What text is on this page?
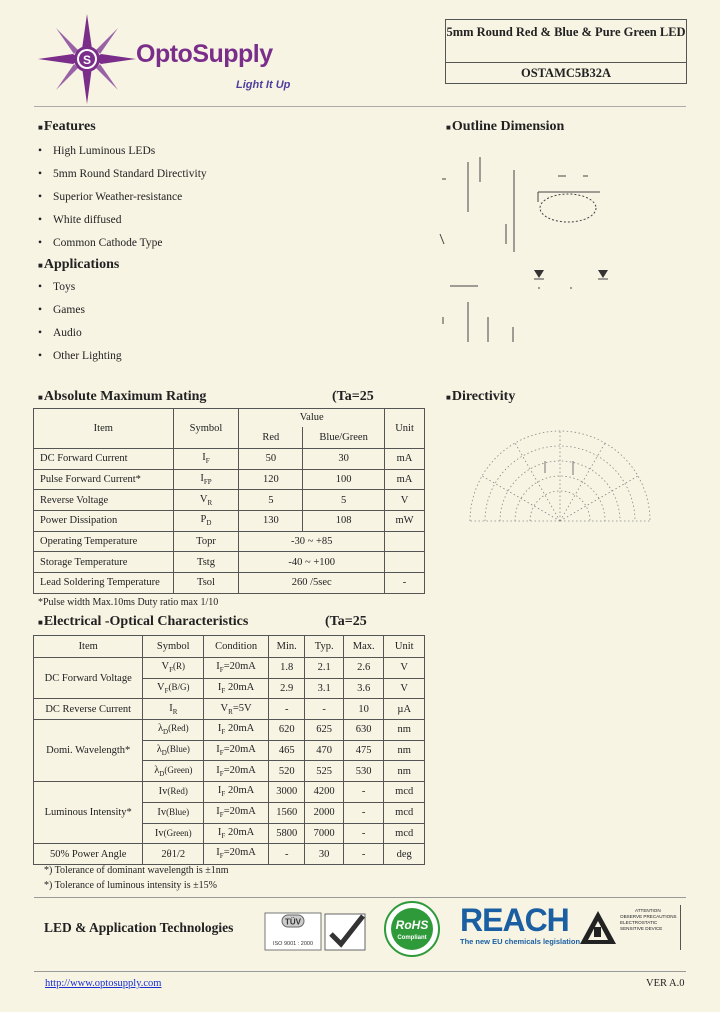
S OptoSupply
Light It Up
5mm Round Red & Blue & Pure Green LED
OSTAMC5B32A
■Features
• High Luminous LEDs
• 5mm Round Standard Directivity
• Superior Weather-resistance
• White diffused
• Common Cathode Type
■Applications
• Toys
• Games
• Audio
• Other Lighting
■Outline Dimension
■Directivity
■Absolute Maximum Rating	(Ta=25
Item	Symbol	Value		Unit
		Red	Blue/Green	
DC Forward Current	$I_F$	50	30	mA
Pulse Forward Current*	$I_{FP}$	120	100	mA
Reverse Voltage	$V_R$	5	5	V
Power Dissipation	$P_D$	130	108	mW
Operating Temperature	Topr	-30 ~ +85		
Storage Temperature	Tstg	-40 ~ +100		
Lead Soldering Temperature	Tsol	260 /5sec		-
*Pulse width Max.10ms Duty ratio max 1/10
■Electrical -Optical Characteristics	(Ta=25
Item	Symbol	Condition	Min.	Typ.	Max.	Unit
DC Forward Voltage	$V_F(R)$	$I_F=20mA$	1.8	2.1	2.6	V
	$V_F(B/G)$	$I_F$ 20mA	2.9	3.1	3.6	V
DC Reverse Current	$I_R$	$V_R=5V$	-	-	10	µA
Domi. Wavelength*	$\lambda_D(Red)$	$I_F$ 20mA	620	625	630	nm
	$\lambda_D(Blue)$	$I_F=20mA$	465	470	475	nm
	$\lambda_D(Green)$	$I_F=20mA$	520	525	530	nm
Luminous Intensity*	Iv(Red)	$I_F$ 20mA	3000	4200	-	mcd
	Iv(Blue)	$I_F=20mA$	1560	2000	-	mcd
	Iv(Green)	$I_F$ 20mA	5800	7000	-	mcd
50% Power Angle	2θ1/2	$I_F=20mA$	-	30	-	deg
*) Tolerance of dominant wavelength is ±1nm
*) Tolerance of luminous intensity is ±15%
LED & Application Technologies	TÜV
ISO 9001 : 2000
RoHS
Compliant REACH
The new EU chemicals legislation
ATTENTION
OBSERVE PRECAUTIONS
ELECTROSTATIC
SENSITIVE DEVICE
http://www.optosupply.com	VER A.0
